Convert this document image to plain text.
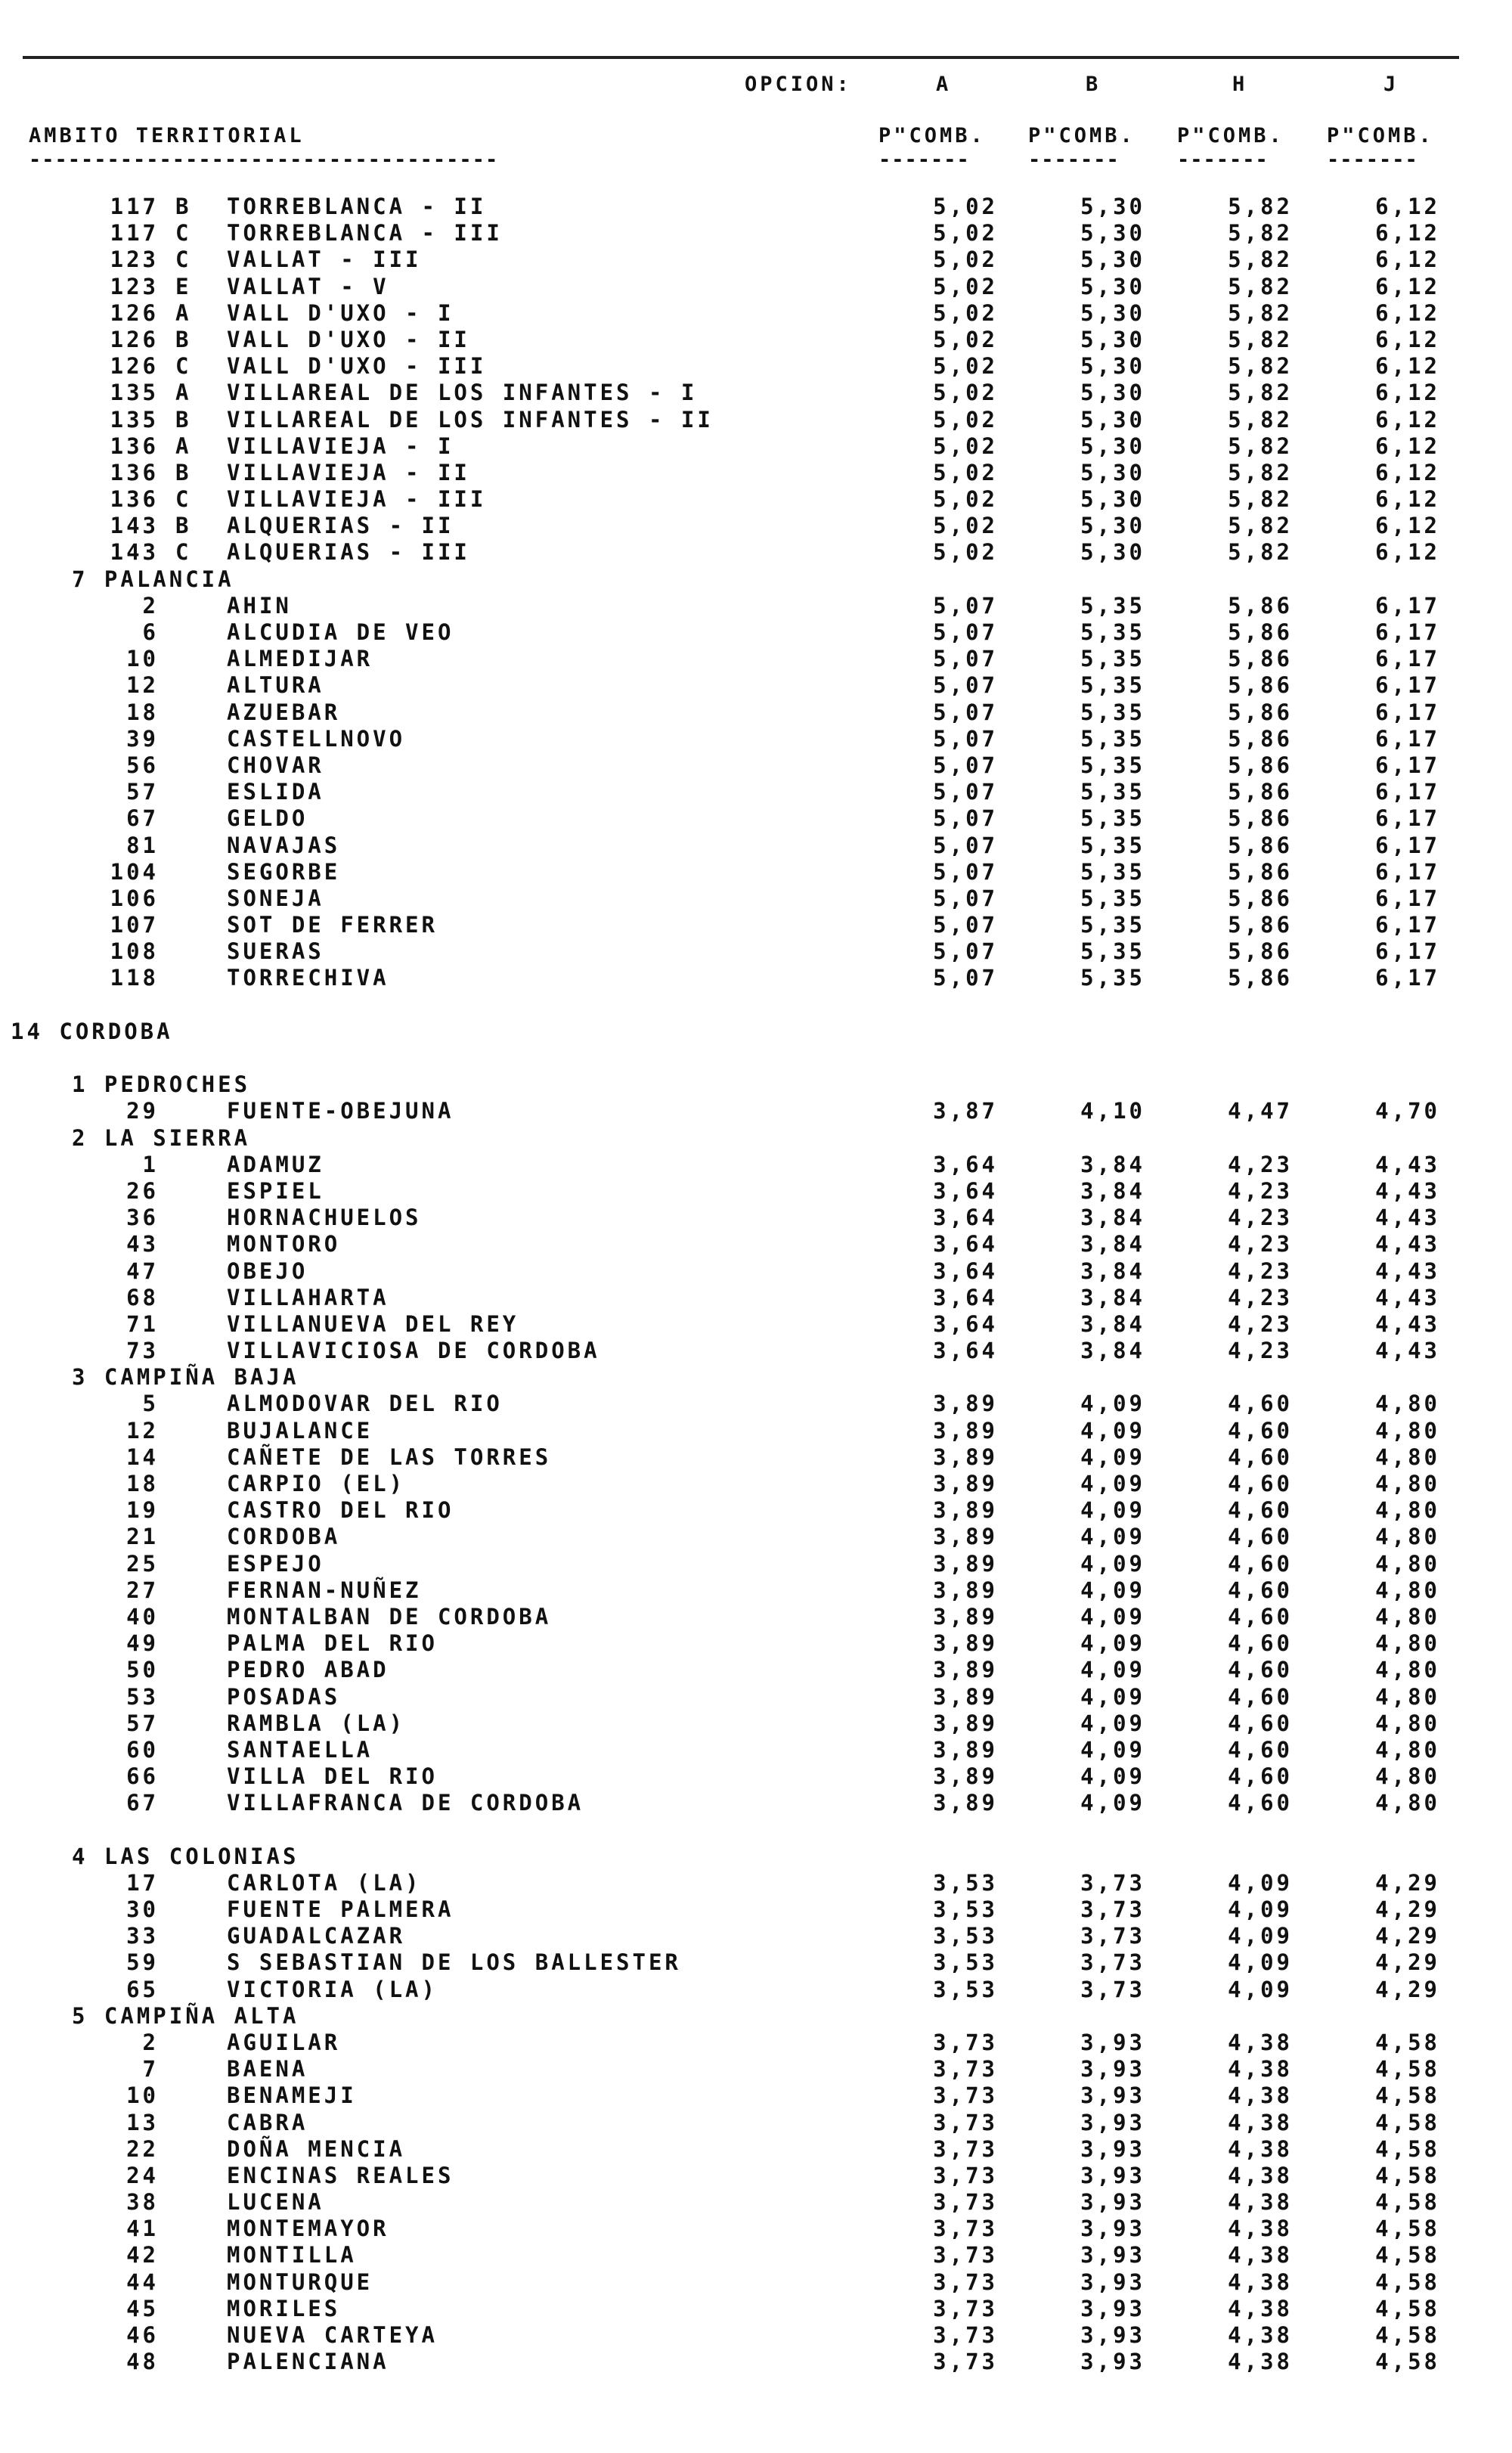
OPCION:	A	B	H	J
AMBITO TERRITORIAL	P"COMB. P"COMB. P"COMB. P"COMB.
------------------------------------	-------	-------	-------	-------
117 B TORREBLANCA - II	5,02	5,30	5,82	6,12
117 C TORREBLANCA - III	5,02	5,30	5,82	6,12
123 C VALLAT - III	5,02	5,30	5,82	6,12
123 E VALLAT - V	5,02	5,30	5,82	6,12
126 A VALL D'UXO - I	5,02	5,30	5,82	6,12
126 B VALL D'UXO - II	5,02	5,30	5,82	6,12
126 C VALL D'UXO - III	5,02	5,30	5,82	6,12
135 A VILLAREAL DE LOS INFANTES - I	5,02	5,30	5,82	6,12
135 B VILLAREAL DE LOS INFANTES - II	5,02	5,30	5,82	6,12
136 A VILLAVIEJA - I	5,02	5,30	5,82	6,12
136 B VILLAVIEJA - II	5,02	5,30	5,82	6,12
136 C VILLAVIEJA - III	5,02	5,30	5,82	6,12
143 B ALQUERIAS - II	5,02	5,30	5,82	6,12
143 C ALQUERIAS - III	5,02	5,30	5,82	6,12
7 PALANCIA
2	AHIN	5,07	5,35	5,86	6,17
6	ALCUDIA DE VEO	5,07	5,35	5,86	6,17
10	ALMEDIJAR	5,07	5,35	5,86	6,17
12	ALTURA	5,07	5,35	5,86	6,17
18	AZUEBAR	5,07	5,35	5,86	6,17
39	CASTELLNOVO	5,07	5,35	5,86	6,17
56	CHOVAR	5,07	5,35	5,86	6,17
57	ESLIDA	5,07	5,35	5,86	6,17
67	GELDO	5,07	5,35	5,86	6,17
81	NAVAJAS	5,07	5,35	5,86	6,17
104	SEGORBE	5,07	5,35	5,86	6,17
106	SONEJA	5,07	5,35	5,86	6,17
107	SOT DE FERRER	5,07	5,35	5,86	6,17
108	SUERAS	5,07	5,35	5,86	6,17
118	TORRECHIVA	5,07	5,35	5,86	6,17
14 CORDOBA
1 PEDROCHES
29	FUENTE-OBEJUNA	3,87	4,10	4,47	4,70
2 LA SIERRA
1	ADAMUZ	3,64	3,84	4,23	4,43
26	ESPIEL	3,64	3,84	4,23	4,43
36	HORNACHUELOS	3,64	3,84	4,23	4,43
43	MONTORO	3,64	3,84	4,23	4,43
47	OBEJO	3,64	3,84	4,23	4,43
68	VILLAHARTA	3,64	3,84	4,23	4,43
71	VILLANUEVA DEL REY	3,64	3,84	4,23	4,43
73	VILLAVICIOSA DE CORDOBA	3,64	3,84	4,23	4,43
3 CAMPIÑA BAJA
5	ALMODOVAR DEL RIO	3,89	4,09	4,60	4,80
12	BUJALANCE	3,89	4,09	4,60	4,80
14	CAÑETE DE LAS TORRES	3,89	4,09	4,60	4,80
18	CARPIO (EL)	3,89	4,09	4,60	4,80
19	CASTRO DEL RIO	3,89	4,09	4,60	4,80
21	CORDOBA	3,89	4,09	4,60	4,80
25	ESPEJO	3,89	4,09	4,60	4,80
27	FERNAN-NUÑEZ	3,89	4,09	4,60	4,80
40	MONTALBAN DE CORDOBA	3,89	4,09	4,60	4,80
49	PALMA DEL RIO	3,89	4,09	4,60	4,80
50	PEDRO ABAD	3,89	4,09	4,60	4,80
53	POSADAS	3,89	4,09	4,60	4,80
57	RAMBLA (LA)	3,89	4,09	4,60	4,80
60	SANTAELLA	3,89	4,09	4,60	4,80
66	VILLA DEL RIO	3,89	4,09	4,60	4,80
67	VILLAFRANCA DE CORDOBA	3,89	4,09	4,60	4,80
4 LAS COLONIAS
17	CARLOTA (LA)	3,53	3,73	4,09	4,29
30	FUENTE PALMERA	3,53	3,73	4,09	4,29
33	GUADALCAZAR	3,53	3,73	4,09	4,29
59	S SEBASTIAN DE LOS BALLESTER	3,53	3,73	4,09	4,29
65	VICTORIA (LA)	3,53	3,73	4,09	4,29
5 CAMPIÑA ALTA
2	AGUILAR	3,73	3,93	4,38	4,58
7	BAENA	3,73	3,93	4,38	4,58
10	BENAMEJI	3,73	3,93	4,38	4,58
13	CABRA	3,73	3,93	4,38	4,58
22	DOÑA MENCIA	3,73	3,93	4,38	4,58
24	ENCINAS REALES	3,73	3,93	4,38	4,58
38	LUCENA	3,73	3,93	4,38	4,58
41	MONTEMAYOR	3,73	3,93	4,38	4,58
42	MONTILLA	3,73	3,93	4,38	4,58
44	MONTURQUE	3,73	3,93	4,38	4,58
45	MORILES	3,73	3,93	4,38	4,58
46	NUEVA CARTEYA	3,73	3,93	4,38	4,58
48	PALENCIANA	3,73	3,93	4,38	4,58
